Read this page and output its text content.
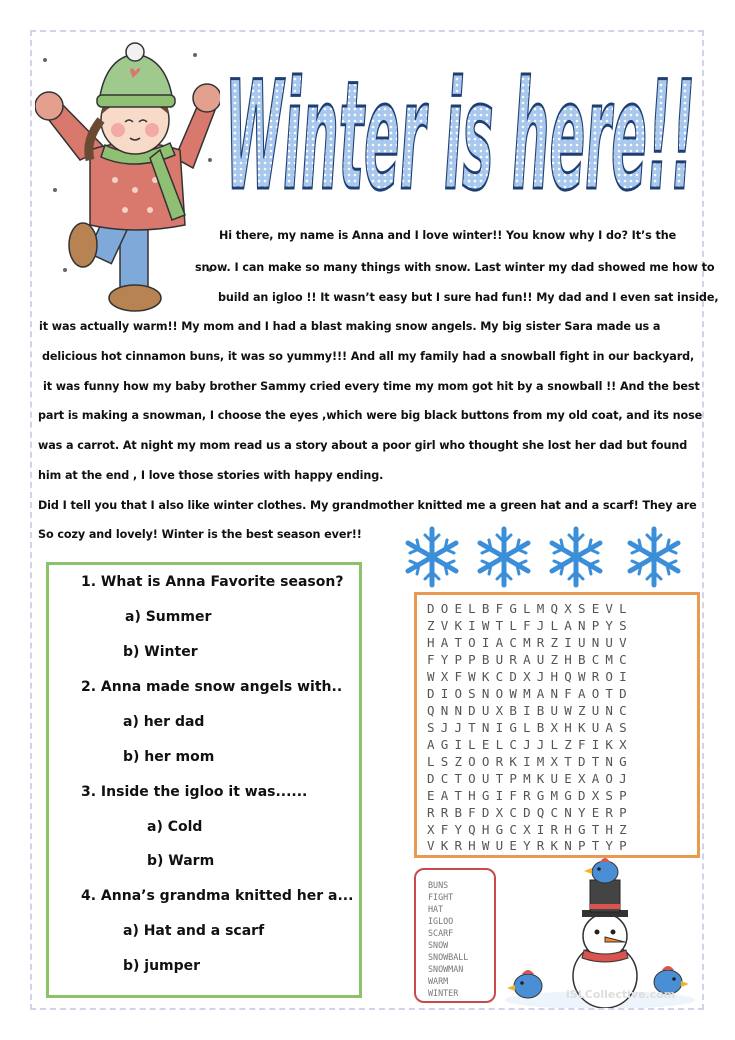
Winter is here!!
Hi there, my name is Anna and I love winter!! You know why I do? It’s the
snow. I can make so many things with snow. Last winter my dad showed me how to
build an igloo !! It wasn’t easy but I sure had fun!! My dad and I even sat inside,
it was actually warm!! My mom and I had a blast making snow angels. My big sister Sara made us a
delicious hot cinnamon buns, it was so yummy!!! And all my family had a snowball fight in our backyard,
it was funny how my baby brother Sammy cried every time my mom got hit by a snowball !! And the best
part is making a snowman, I choose the eyes ,which were big black buttons from my old coat, and its nose
was a carrot. At night my mom read us a story about a poor girl who thought she lost her dad but found
him at the end , I love those stories with happy ending.
Did I tell you that I also like winter clothes. My grandmother knitted me a green hat and a scarf! They are
So cozy and lovely! Winter is the best season ever!!
1. What is Anna Favorite season?
a) Summer
b) Winter
2. Anna made snow angels with..
a) her dad
b) her mom
3. Inside the igloo it was......
a) Cold
b) Warm
4. Anna’s grandma knitted her a...
a) Hat and a scarf
b) jumper
DOELBFGLMQXSEVL
ZVKIWTLFJLANPYS
HATOIACMRZIUNUV
FYPPBURAUZHBCMC
WXFWKCDXJHQWROI
DIOSNOWMANFAOTD
QNNDUXBIBUWZUNC
SJJTNIGLBXHKUAS
AGILELCJJLZFIKX
LSZOORKIMXTDTNG
DCTOUTPMKUEXAOJ
EATHGIFRGMGDXSP
RRBFDXCDQCNYERP
XFYQHGCXIRHGTHZ
VKRHWUEYRKNPTYP
BUNS
FIGHT
HAT
IGLOO
SCARF
SNOW
SNOWBALL
SNOWMAN
WARM
WINTER	iSLCollective.com
